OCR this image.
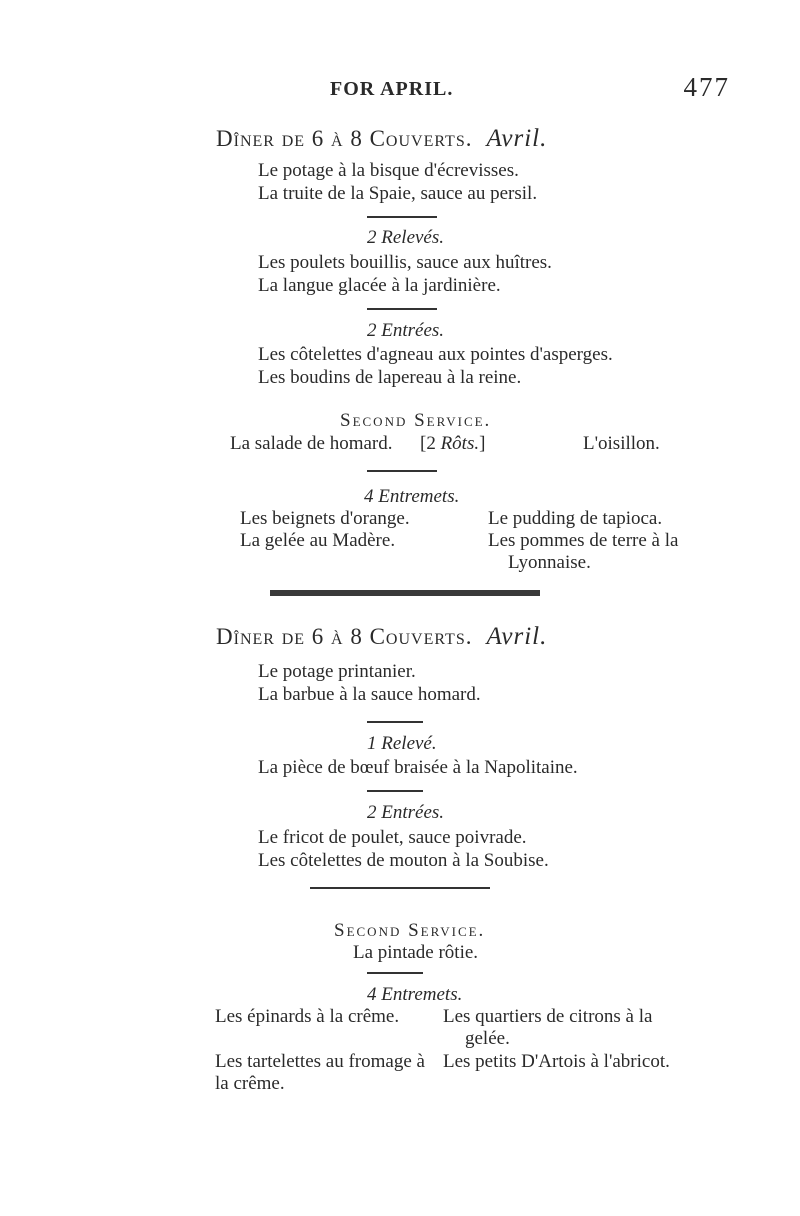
FOR APRIL.	477
Dîner de 6 à 8 Couverts. Avril.
Le potage à la bisque d'écrevisses.
La truite de la Spaie, sauce au persil.
2 Relevés.
Les poulets bouillis, sauce aux huîtres.
La langue glacée à la jardinière.
2 Entrées.
Les côtelettes d'agneau aux pointes d'asperges.
Les boudins de lapereau à la reine.
Second Service.
La salade de homard. [2 Rôts.]	L'oisillon.
4 Entremets.
Les beignets d'orange.
La gelée au Madère.
Le pudding de tapioca.
Les pommes de terre à la
Lyonnaise.
Dîner de 6 à 8 Couverts. Avril.
Le potage printanier.
La barbue à la sauce homard.
1 Relevé.
La pièce de bœuf braisée à la Napolitaine.
2 Entrées.
Le fricot de poulet, sauce poivrade.
Les côtelettes de mouton à la Soubise.
Second Service.
La pintade rôtie.
4 Entremets.
Les épinards à la crême.
Les tartelettes au fromage à
la crême.
Les quartiers de citrons à la
gelée.
Les petits D'Artois à l'abricot.
